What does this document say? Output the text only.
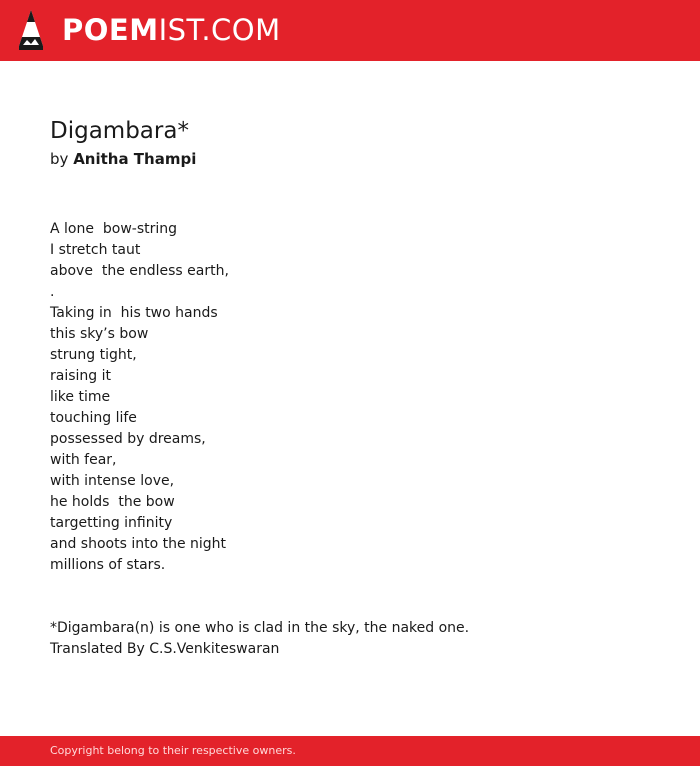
POEMIST.COM
Digambara*
by Anitha Thampi
A lone  bow-string
I stretch taut
above  the endless earth,
.
Taking in  his two hands
this sky’s bow
strung tight,
raising it
like time
touching life
possessed by dreams,
with fear,
with intense love,
he holds  the bow
targetting infinity
and shoots into the night
millions of stars.
*Digambara(n) is one who is clad in the sky, the naked one.
Translated By C.S.Venkiteswaran
Copyright belong to their respective owners.
